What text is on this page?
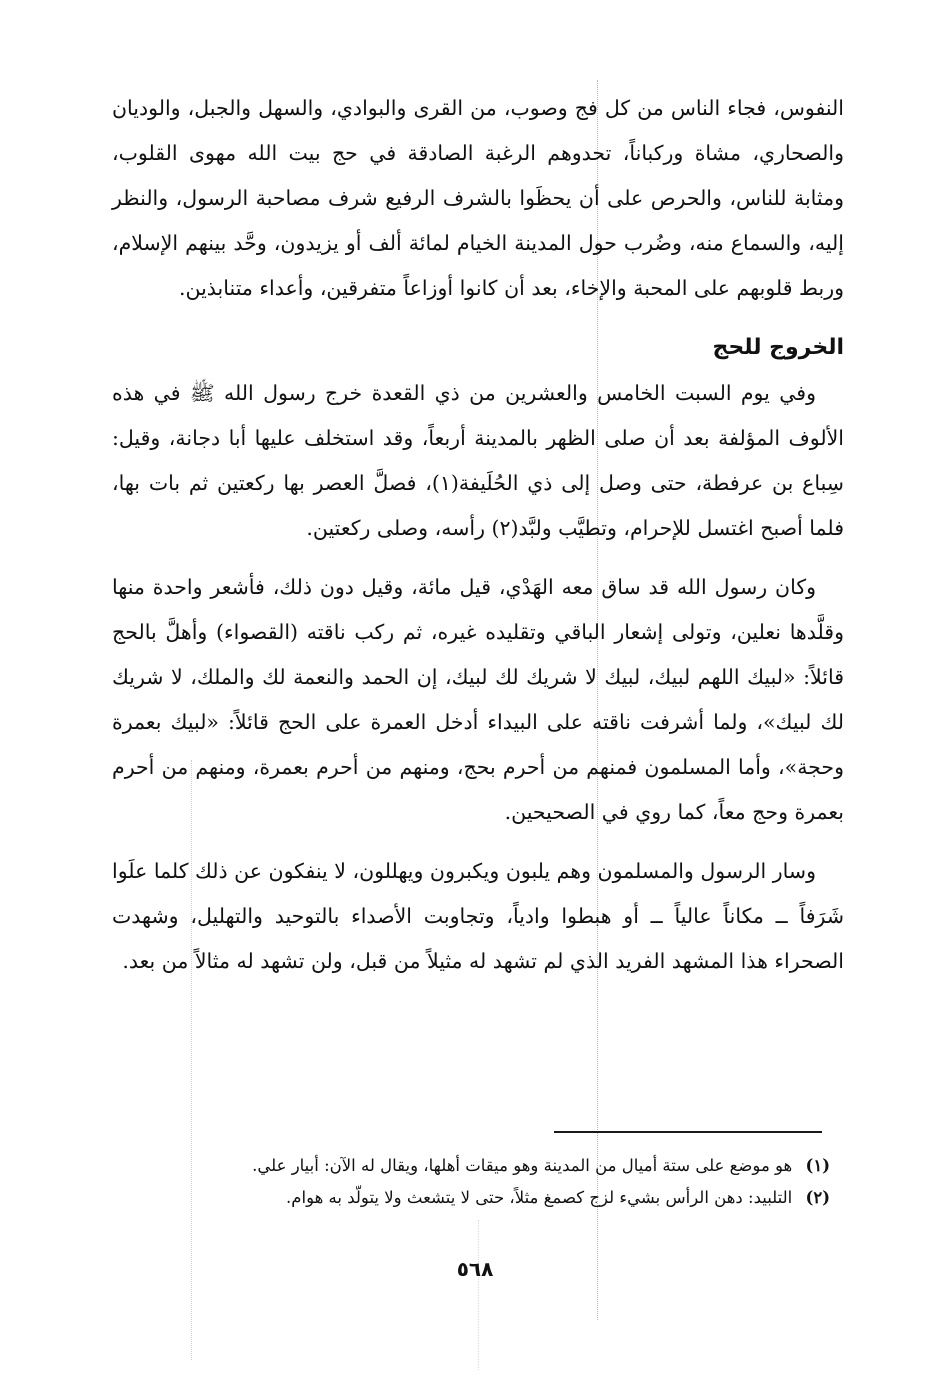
النفوس، فجاء الناس من كل فج وصوب، من القرى والبوادي، والسهل والجبل، والوديان والصحاري، مشاة وركباناً، تحدوهم الرغبة الصادقة في حج بيت الله مهوى القلوب، ومثابة للناس، والحرص على أن يحظَوا بالشرف الرفيع شرف مصاحبة الرسول، والنظر إليه، والسماع منه، وضُرب حول المدينة الخيام لمائة ألف أو يزيدون، وحَّد بينهم الإسلام، وربط قلوبهم على المحبة والإخاء، بعد أن كانوا أوزاعاً متفرقين، وأعداء متنابذين.

الخروج للحج

وفي يوم السبت الخامس والعشرين من ذي القعدة خرج رسول الله ﷺ في هذه الألوف المؤلفة بعد أن صلى الظهر بالمدينة أربعاً، وقد استخلف عليها أبا دجانة، وقيل: سِباع بن عرفطة، حتى وصل إلى ذي الحُلَيفة(١)، فصلَّ العصر بها ركعتين ثم بات بها، فلما أصبح اغتسل للإحرام، وتطيَّب ولبَّد(٢) رأسه، وصلى ركعتين.

وكان رسول الله قد ساق معه الهَدْي، قيل مائة، وقيل دون ذلك، فأشعر واحدة منها وقلَّدها نعلين، وتولى إشعار الباقي وتقليده غيره، ثم ركب ناقته (القصواء) وأهلَّ بالحج قائلاً: «لبيك اللهم لبيك، لبيك لا شريك لك لبيك، إن الحمد والنعمة لك والملك، لا شريك لك لبيك»، ولما أشرفت ناقته على البيداء أدخل العمرة على الحج قائلاً: «لبيك بعمرة وحجة»، وأما المسلمون فمنهم من أحرم بحج، ومنهم من أحرم بعمرة، ومنهم من أحرم بعمرة وحج معاً، كما روي في الصحيحين.

وسار الرسول والمسلمون وهم يلبون ويكبرون ويهللون، لا ينفكون عن ذلك كلما علَوا شَرَفاً ــ مكاناً عالياً ــ أو هبطوا وادياً، وتجاوبت الأصداء بالتوحيد والتهليل، وشهدت الصحراء هذا المشهد الفريد الذي لم تشهد له مثيلاً من قبل، ولن تشهد له مثالاً من بعد.

(١) هو موضع على ستة أميال من المدينة وهو ميقات أهلها، ويقال له الآن: أبيار علي.

(٢) التلبيد: دهن الرأس بشيء لزج كصمغ مثلاً، حتى لا يتشعث ولا يتولّد به هوام.

٥٦٨
